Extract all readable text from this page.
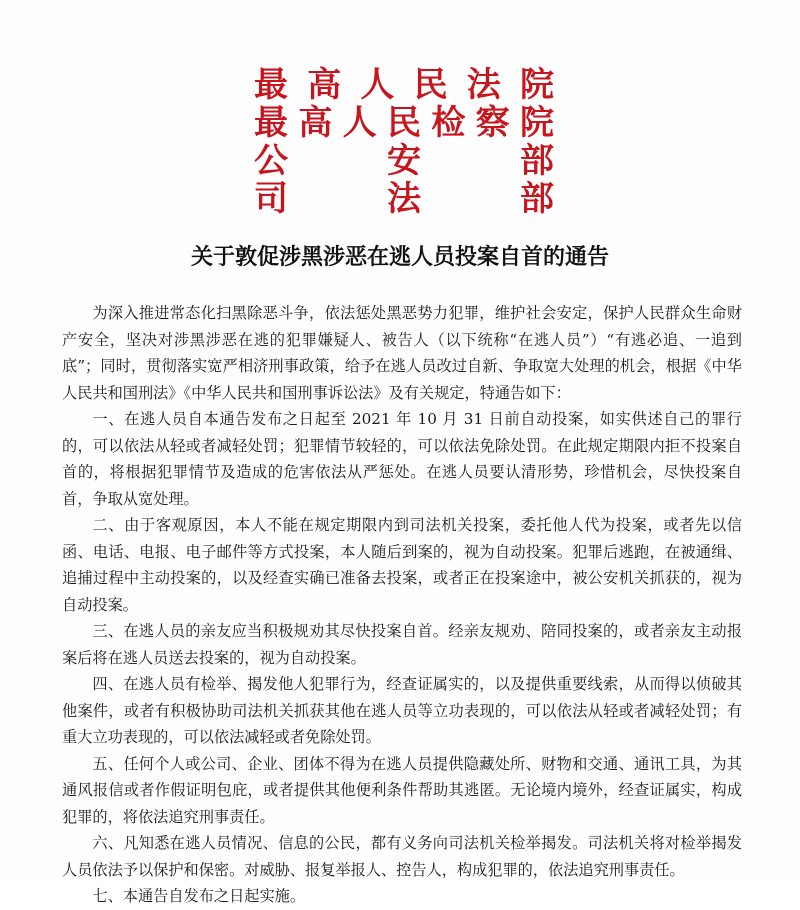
最 高 人 民 法 院
最 高 人 民 检 察 院
公	安	部
司	法	部
关于敦促涉黑涉恶在逃人员投案自首的通告

为深入推进常态化扫黑除恶斗争，依法惩处黑恶势力犯罪，维护社会安定，保护人民群众生命财产安全，坚决对涉黑涉恶在逃的犯罪嫌疑人、被告人（以下统称“在逃人员”）“有逃必追、一追到底”；同时，贯彻落实宽严相济刑事政策，给予在逃人员改过自新、争取宽大处理的机会，根据《中华人民共和国刑法》《中华人民共和国刑事诉讼法》及有关规定，特通告如下：

一、在逃人员自本通告发布之日起至 2021 年 10 月 31 日前自动投案，如实供述自己的罪行的，可以依法从轻或者减轻处罚；犯罪情节较轻的，可以依法免除处罚。在此规定期限内拒不投案自首的，将根据犯罪情节及造成的危害依法从严惩处。在逃人员要认清形势，珍惜机会，尽快投案自首，争取从宽处理。

二、由于客观原因，本人不能在规定期限内到司法机关投案，委托他人代为投案，或者先以信函、电话、电报、电子邮件等方式投案，本人随后到案的，视为自动投案。犯罪后逃跑，在被通缉、追捕过程中主动投案的，以及经查实确已准备去投案，或者正在投案途中，被公安机关抓获的，视为自动投案。

三、在逃人员的亲友应当积极规劝其尽快投案自首。经亲友规劝、陪同投案的，或者亲友主动报案后将在逃人员送去投案的，视为自动投案。

四、在逃人员有检举、揭发他人犯罪行为，经查证属实的，以及提供重要线索，从而得以侦破其他案件，或者有积极协助司法机关抓获其他在逃人员等立功表现的，可以依法从轻或者减轻处罚；有重大立功表现的，可以依法减轻或者免除处罚。

五、任何个人或公司、企业、团体不得为在逃人员提供隐藏处所、财物和交通、通讯工具，为其通风报信或者作假证明包庇，或者提供其他便利条件帮助其逃匿。无论境内境外，经查证属实，构成犯罪的，将依法追究刑事责任。

六、凡知悉在逃人员情况、信息的公民，都有义务向司法机关检举揭发。司法机关将对检举揭发人员依法予以保护和保密。对威胁、报复举报人、控告人，构成犯罪的，依法追究刑事责任。

七、本通告自发布之日起实施。
